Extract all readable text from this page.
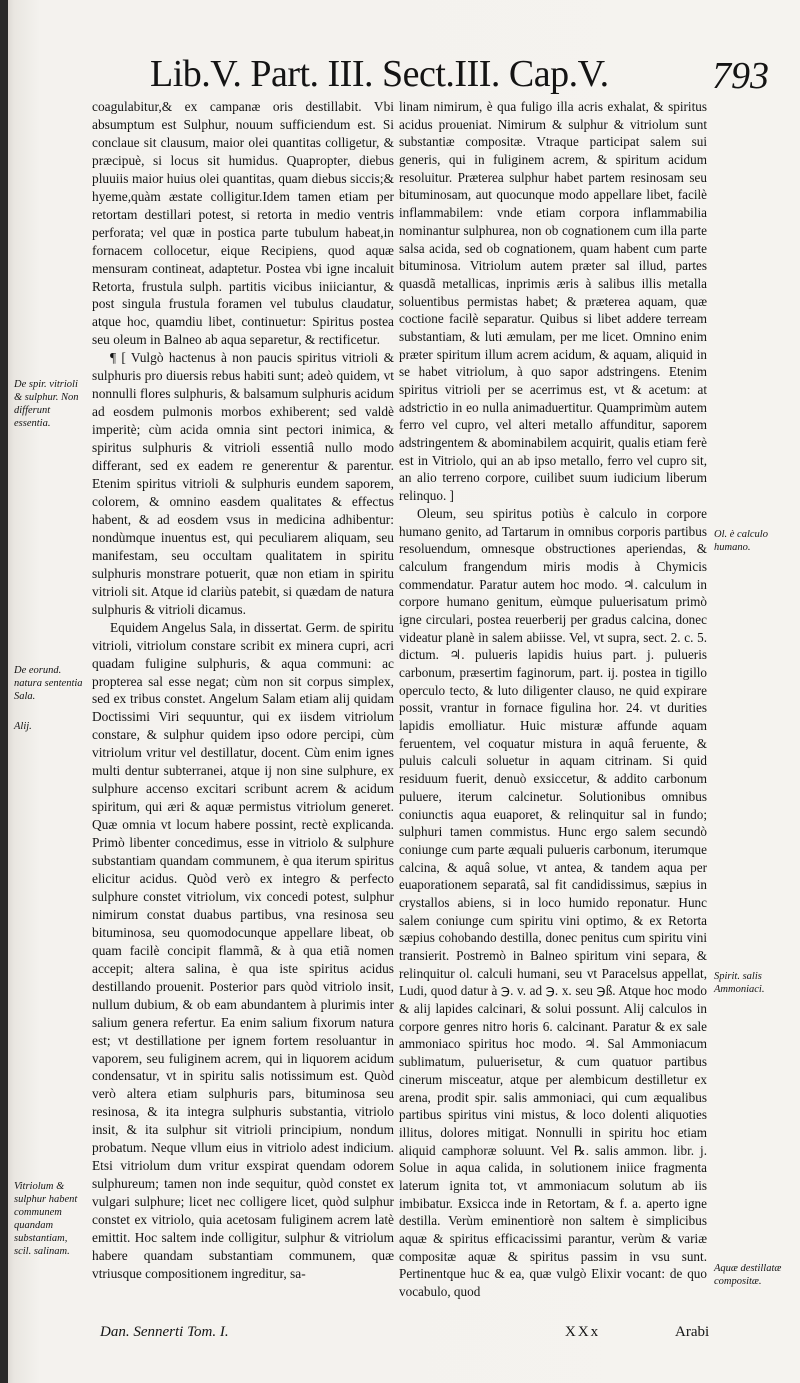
Lib.V. Part. III. Sect.III. Cap.V.	793

coagulabitur,& ex campanæ oris destillabit. Vbi absumptum est Sulphur, nouum sufficiendum est. Si conclaue sit clausum, maior olei quantitas colligetur, & præcipuè, si locus sit humidus. Quapropter, diebus pluuiis maior huius olei quantitas, quam diebus siccis;& hyeme,quàm æstate colligitur.Idem tamen etiam per retortam destillari potest, si retorta in medio ventris perforata; vel quæ in postica parte tubulum habeat,in fornacem collocetur, eique Recipiens, quod aquæ mensuram contineat, adaptetur. Postea vbi igne incaluit Retorta, frustula sulph. partitis vicibus iniiciantur, & post singula frustula foramen vel tubulus claudatur, atque hoc, quamdiu libet, continuetur: Spiritus postea seu oleum in Balneo ab aqua separetur, & rectificetur.

¶ [ Vulgò hactenus à non paucis spiritus vitrioli & sulphuris pro diuersis rebus habiti sunt; adeò quidem, vt nonnulli flores sulphuris, & balsamum sulphuris acidum ad eosdem pulmonis morbos exhiberent; sed valdè imperitè; cùm acida omnia sint pectori inimica, & spiritus sulphuris & vitrioli essentiâ nullo modo differant, sed ex eadem re generentur & parentur. Etenim spiritus vitrioli & sulphuris eundem saporem, colorem, & omnino easdem qualitates & effectus habent, & ad eosdem vsus in medicina adhibentur: nondùmque inuentus est, qui peculiarem aliquam, seu manifestam, seu occultam qualitatem in spiritu sulphuris monstrare potuerit, quæ non etiam in spiritu vitrioli sit. Atque id clariùs patebit, si quædam de natura sulphuris & vitrioli dicamus.

Equidem Angelus Sala, in dissertat. Germ. de spiritu vitrioli, vitriolum constare scribit ex minera cupri, acri quadam fuligine sulphuris, & aqua communi: ac propterea sal esse negat; cùm non sit corpus simplex, sed ex tribus constet. Angelum Salam etiam alij quidam Doctissimi Viri sequuntur, qui ex iisdem vitriolum constare, & sulphur quidem ipso odore percipi, cùm vitriolum vritur vel destillatur, docent. Cùm enim ignes multi dentur subterranei, atque ij non sine sulphure, ex sulphure accenso excitari scribunt acrem & acidum spiritum, qui æri & aquæ permistus vitriolum generet. Quæ omnia vt locum habere possint, rectè explicanda. Primò libenter concedimus, esse in vitriolo & sulphure substantiam quandam communem, è qua iterum spiritus elicitur acidus. Quòd verò ex integro & perfecto sulphure constet vitriolum, vix concedi potest, sulphur nimirum constat duabus partibus, vna resinosa seu bituminosa, seu quomodocunque appellare libeat, ob quam facilè concipit flammã, & à qua etiã nomen accepit; altera salina, è qua iste spiritus acidus destillando prouenit. Posterior pars quòd vitriolo insit, nullum dubium, & ob eam abundantem à plurimis inter salium genera refertur. Ea enim salium fixorum natura est; vt destillatione per ignem fortem resoluantur in vaporem, seu fuliginem acrem, qui in liquorem acidum condensatur, vt in spiritu salis notissimum est. Quòd verò altera etiam sulphuris pars, bituminosa seu resinosa, & ita integra sulphuris substantia, vitriolo insit, & ita sulphur sit vitrioli principium, nondum probatum. Neque vllum eius in vitriolo adest indicium. Etsi vitriolum dum vritur exspirat quendam odorem sulphureum; tamen non inde sequitur, quòd constet ex vulgari sulphure; licet nec colligere licet, quòd sulphur constet ex vitriolo, quia acetosam fuliginem acrem latè emittit. Hoc saltem inde colligitur, sulphur & vitriolum habere quandam substantiam communem, quæ vtriusque compositionem ingreditur, sa-

linam nimirum, è qua fuligo illa acris exhalat, & spiritus acidus proueniat. Nimirum & sulphur & vitriolum sunt substantiæ compositæ. Vtraque participat salem sui generis, qui in fuliginem acrem, & spiritum acidum resoluitur. Præterea sulphur habet partem resinosam seu bituminosam, aut quocunque modo appellare libet, facilè inflammabilem: vnde etiam corpora inflammabilia nominantur sulphurea, non ob cognationem cum illa parte salsa acida, sed ob cognationem, quam habent cum parte bituminosa. Vitriolum autem præter sal illud, partes quasdã metallicas, inprimis æris à salibus illis metalla soluentibus permistas habet; & præterea aquam, quæ coctione facilè separatur. Quibus si libet addere terream substantiam, & luti æmulam, per me licet. Omnino enim præter spiritum illum acrem acidum, & aquam, aliquid in se habet vitriolum, à quo sapor adstringens. Etenim spiritus vitrioli per se acerrimus est, vt & acetum: at adstrictio in eo nulla animaduertitur. Quamprimùm autem ferro vel cupro, vel alteri metallo affunditur, saporem adstringentem & abominabilem acquirit, qualis etiam ferè est in Vitriolo, qui an ab ipso metallo, ferro vel cupro sit, an alio terreno corpore, cuilibet suum iudicium liberum relinquo. ]

Oleum, seu spiritus potiùs è calculo in corpore humano genito, ad Tartarum in omnibus corporis partibus resoluendum, omnesque obstructiones aperiendas, & calculum frangendum miris modis à Chymicis commendatur. Paratur autem hoc modo. ♃. calculum in corpore humano genitum, eùmque puluerisatum primò igne circulari, postea reuerberij per gradus calcina, donec videatur planè in salem abiisse. Vel, vt supra, sect. 2. c. 5. dictum. ♃. pulueris lapidis huius part. j. pulueris carbonum, præsertim faginorum, part. ij. postea in tigillo operculo tecto, & luto diligenter clauso, ne quid expirare possit, vrantur in fornace figulina hor. 24. vt durities lapidis emolliatur. Huic misturæ affunde aquam feruentem, vel coquatur mistura in aquâ feruente, & puluis calculi soluetur in aquam citrinam. Si quid residuum fuerit, denuò exsiccetur, & addito carbonum puluere, iterum calcinetur. Solutionibus omnibus coniunctis aqua euaporet, & relinquitur sal in fundo; sulphuri tamen commistus. Hunc ergo salem secundò coniunge cum parte æquali pulueris carbonum, iterumque calcina, & aquâ solue, vt antea, & tandem aqua per euaporationem separatâ, sal fit candidissimus, sæpius in crystallos abiens, si in loco humido reponatur. Hunc salem coniunge cum spiritu vini optimo, & ex Retorta sæpius cohobando destilla, donec penitus cum spiritu vini transierit. Postremò in Balneo spiritum vini separa, & relinquitur ol. calculi humani, seu vt Paracelsus appellat, Ludi, quod datur à ℈. v. ad ℈. x. seu ℈ß. Atque hoc modo & alij lapides calcinari, & solui possunt. Alij calculos in corpore genres nitro horis 6. calcinant. Paratur & ex sale ammoniaco spiritus hoc modo. ♃. Sal Ammoniacum sublimatum, puluerisetur, & cum quatuor partibus cinerum misceatur, atque per alembicum destilletur ex arena, prodit spir. salis ammoniaci, qui cum æqualibus partibus spiritus vini mistus, & loco dolenti aliquoties illitus, dolores mitigat. Nonnulli in spiritu hoc etiam aliquid camphoræ soluunt. Vel ℞. salis ammon. libr. j. Solue in aqua calida, in solutionem iniice fragmenta laterum ignita tot, vt ammoniacum solutum ab iis imbibatur. Exsicca inde in Retortam, & f. a. aperto igne destilla. Verùm eminentiorè non saltem è simplicibus aquæ & spiritus efficacissimi parantur, verùm & variæ compositæ aquæ & spiritus passim in vsu sunt. Pertinentque huc & ea, quæ vulgò Elixir vocant: de quo vocabulo, quod

De spir. vitrioli & sulphur. Non differunt essentia.
De eorund. natura sententia Sala.
Alij.
Vitriolum & sulphur habent communem quandam substantiam, scil. salinam.
Ol. è calculo humano.
Spirit. salis Ammoniaci.
Aquæ destillatæ compositæ.
Dan. Sennerti Tom. I.	XXx	Arabi
